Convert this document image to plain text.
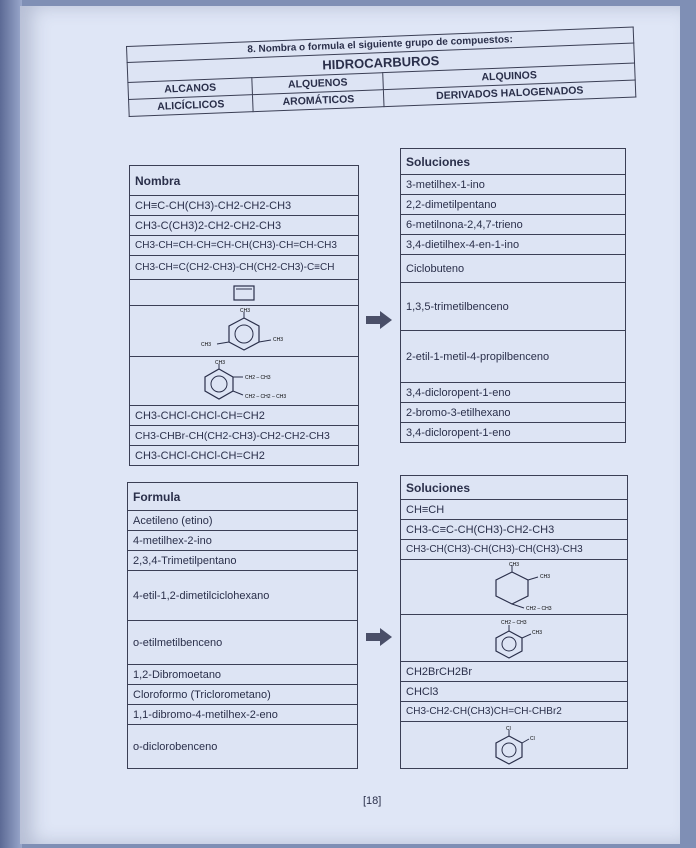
8. Nombra o formula el siguiente grupo de compuestos:		
HIDROCARBUROS		
ALCANOS	ALQUENOS	ALQUINOS
ALICÍCLICOS	AROMÁTICOS	DERIVADOS HALOGENADOS
Nombra
CH≡C-CH(CH3)-CH2-CH2-CH3
CH3-C(CH3)2-CH2-CH2-CH3
CH3-CH=CH-CH=CH-CH(CH3)-CH=CH-CH3
CH3-CH=C(CH2-CH3)-CH(CH2-CH3)-C≡CH

CH3
CH3
CH3

CH3
CH2 – CH3
CH2 – CH2 – CH3

CH3-CHCl-CHCl-CH=CH2
CH3-CHBr-CH(CH2-CH3)-CH2-CH2-CH3
CH3-CHCl-CHCl-CH=CH2
Soluciones
3-metilhex-1-ino
2,2-dimetilpentano
6-metilnona-2,4,7-trieno
3,4-dietilhex-4-en-1-ino
Ciclobuteno
1,3,5-trimetilbenceno
2-etil-1-metil-4-propilbenceno
3,4-dicloropent-1-eno
2-bromo-3-etilhexano
3,4-dicloropent-1-eno
Formula
Acetileno (etino)
4-metilhex-2-ino
2,3,4-Trimetilpentano
4-etil-1,2-dimetilciclohexano
o-etilmetilbenceno
1,2-Dibromoetano
Cloroformo (Triclorometano)
1,1-dibromo-4-metilhex-2-eno
o-diclorobenceno
Soluciones
CH≡CH
CH3-C≡C-CH(CH3)-CH2-CH3
CH3-CH(CH3)-CH(CH3)-CH(CH3)-CH3

CH3
CH3
CH2 – CH3

CH2 – CH3
CH3

CH2BrCH2Br
CHCl3
CH3-CH2-CH(CH3)CH=CH-CHBr2

Cl
Cl
[18]
